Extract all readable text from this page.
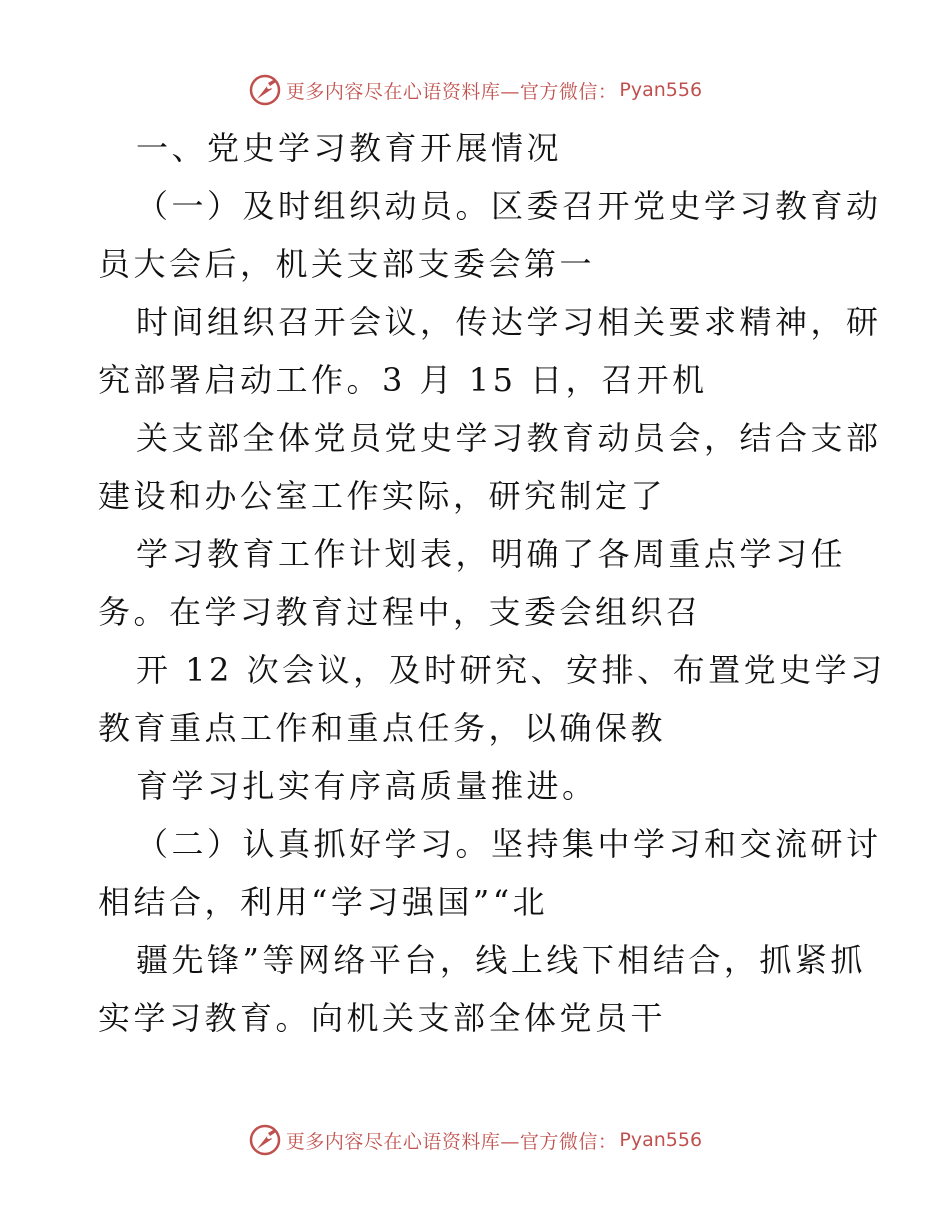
更多内容尽在心语资料库—官方微信： Pyan556
一、党史学习教育开展情况
（一）及时组织动员。区委召开党史学习教育动
员大会后，机关支部支委会第一
时间组织召开会议，传达学习相关要求精神，研
究部署启动工作。3 月 15 日，召开机
关支部全体党员党史学习教育动员会，结合支部
建设和办公室工作实际，研究制定了
学习教育工作计划表，明确了各周重点学习任
务。在学习教育过程中，支委会组织召
开 12 次会议，及时研究、安排、布置党史学习
教育重点工作和重点任务，以确保教
育学习扎实有序高质量推进。
（二）认真抓好学习。坚持集中学习和交流研讨
相结合，利用“学习强国”“北
疆先锋”等网络平台，线上线下相结合，抓紧抓
实学习教育。向机关支部全体党员干
更多内容尽在心语资料库—官方微信： Pyan556
